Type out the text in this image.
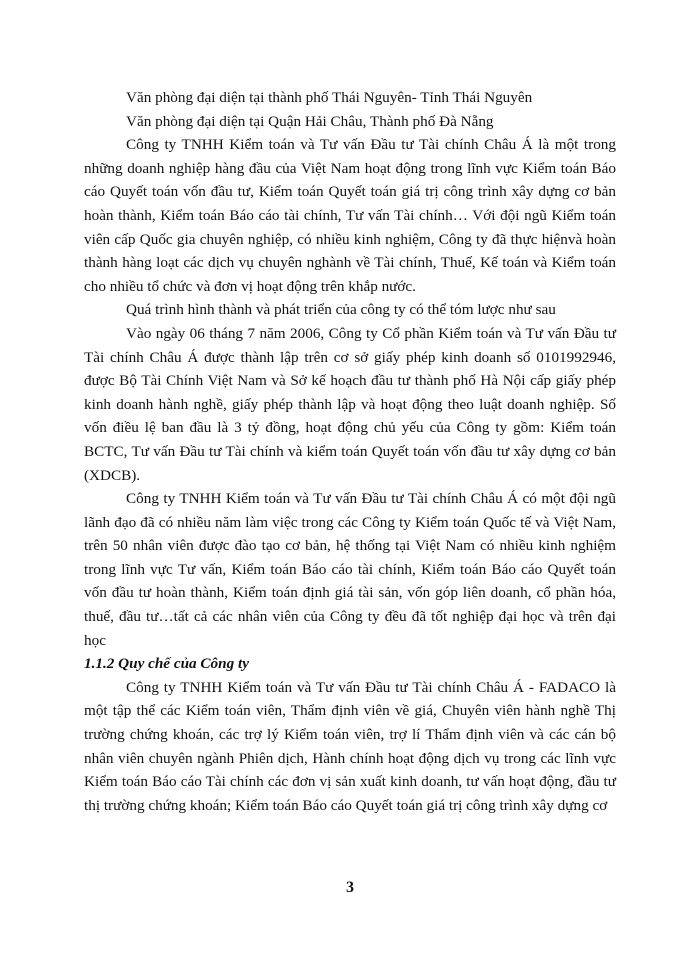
Văn phòng đại diện tại thành phố Thái Nguyên- Tỉnh Thái Nguyên

Văn phòng đại diện tại Quận Hải Châu, Thành phố Đà Nẵng

Công ty TNHH Kiểm toán và Tư vấn Đầu tư Tài chính Châu Á là một trong những doanh nghiệp hàng đầu của Việt Nam hoạt động trong lĩnh vực Kiểm toán Báo cáo Quyết toán vốn đầu tư, Kiểm toán Quyết toán giá trị công trình xây dựng cơ bản hoàn thành, Kiểm toán Báo cáo tài chính, Tư vấn Tài chính… Với đội ngũ Kiểm toán viên cấp Quốc gia chuyên nghiệp, có nhiều kinh nghiệm, Công ty đã thực hiệnvà hoàn thành hàng loạt các dịch vụ chuyên nghành về Tài chính, Thuế, Kế toán và Kiểm toán cho nhiều tổ chức và đơn vị hoạt động trên khắp nước.

Quá trình hình thành và phát triển của công ty có thể tóm lược như sau

Vào ngày 06 tháng 7 năm 2006, Công ty Cổ phần Kiểm toán và Tư vấn Đầu tư Tài chính Châu Á được thành lập trên cơ sở giấy phép kinh doanh số 0101992946, được Bộ Tài Chính Việt Nam và Sở kế hoạch đầu tư thành phố Hà Nội cấp giấy phép kinh doanh hành nghề, giấy phép thành lập và hoạt động theo luật doanh nghiệp. Số vốn điều lệ ban đầu là 3 tỷ đồng, hoạt động chủ yếu của Công ty gồm: Kiểm toán BCTC, Tư vấn Đầu tư Tài chính và kiểm toán Quyết toán vốn đầu tư xây dựng cơ bản (XDCB).

Công ty TNHH Kiểm toán và Tư vấn Đầu tư Tài chính Châu Á có một đội ngũ lãnh đạo đã có nhiều năm làm việc trong các Công ty Kiểm toán Quốc tế và Việt Nam, trên 50 nhân viên được đào tạo cơ bản, hệ thống tại Việt Nam có nhiều kinh nghiệm trong lĩnh vực Tư vấn, Kiểm toán Báo cáo tài chính, Kiểm toán Báo cáo Quyết toán vốn đầu tư hoàn thành, Kiểm toán định giá tài sản, vốn góp liên doanh, cổ phần hóa, thuế, đầu tư…tất cả các nhân viên của Công ty đều đã tốt nghiệp đại học và trên đại học

1.1.2 Quy chế của Công ty

Công ty TNHH Kiểm toán và Tư vấn Đầu tư Tài chính Châu Á - FADACO là một tập thể các Kiểm toán viên, Thẩm định viên về giá, Chuyên viên hành nghề Thị trường chứng khoán, các trợ lý Kiểm toán viên, trợ lí Thẩm định viên và các cán bộ nhân viên chuyên ngành Phiên dịch, Hành chính hoạt động dịch vụ trong các lĩnh vực Kiểm toán Báo cáo Tài chính các đơn vị sản xuất kinh doanh, tư vấn hoạt động, đầu tư thị trường chứng khoán; Kiểm toán Báo cáo Quyết toán giá trị công trình xây dựng cơ

3
